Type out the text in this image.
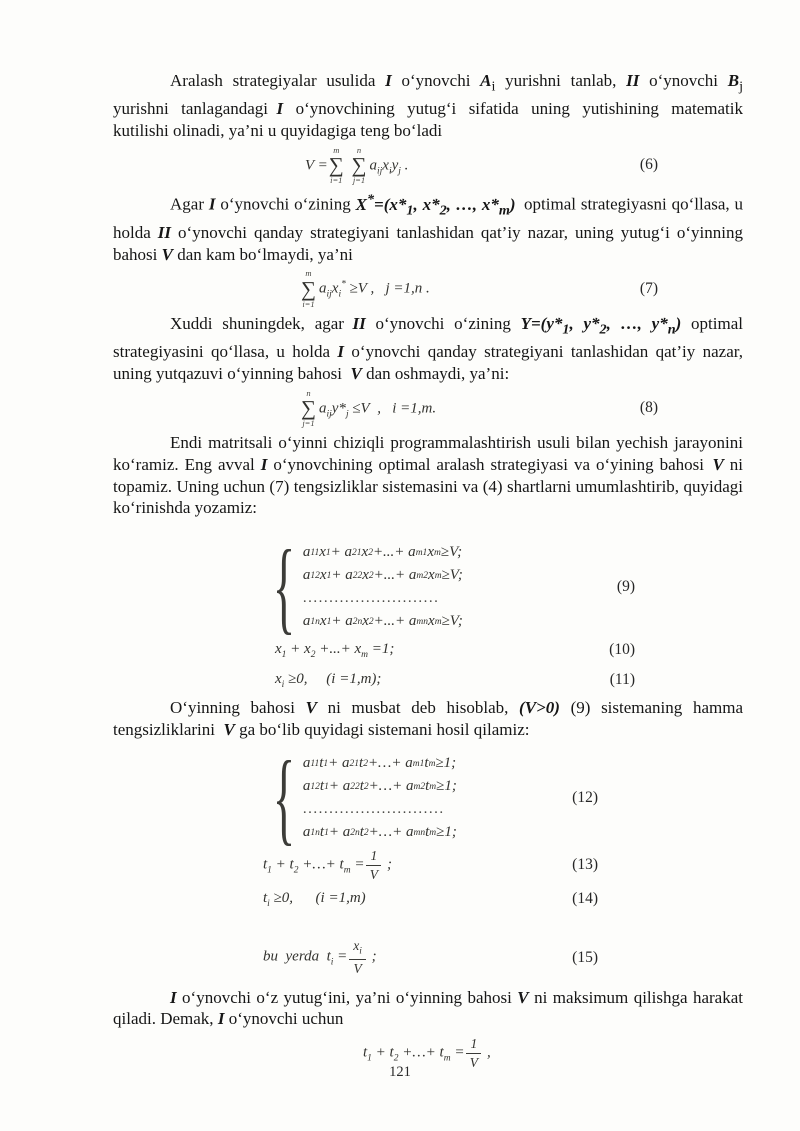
Aralash strategiyalar usulida I o‘ynovchi $A_i$ yurishni tanlab, II o‘ynovchi $B_j$ yurishni tanlagandagi I o‘ynovchining yutug‘i sifatida uning yutishining matematik kutilishi olinadi, ya’ni u quyidagiga teng bo‘ladi

V =
m
∑
i=1

n
∑
j=1
$a_{ij}x_iy_j$ .	(6)

Agar I o‘ynovchi o‘zining $X^*=(x*_1$, $x*_2$, …, $x*_m$) optimal strategiyasni qo‘llasa, u holda II o‘ynovchi qanday strategiyani tanlashidan qat’iy nazar, uning yutug‘i o‘yinning bahosi V dan kam bo‘lmaydi, ya’ni

m
∑
i=1
$a_{ij}x_i^* \ge V$ ,  j =1,n .	(7)

Xuddi shuningdek, agar II o‘ynovchi o‘zining $Y=(y*_1$, $y*_2$, …, $y*_n$) optimal strategiyasini qo‘llasa, u holda I o‘ynovchi qanday strategiyani tanlashidan qat’iy nazar, uning yutqazuvi o‘yinning bahosi V dan oshmaydi, ya’ni:

n
∑
j=1
$a_{ij}y*_j \le V$ ,  i =1,m.	(8)

Endi matritsali o‘yinni chiziqli programmalashtirish usuli bilan yechish jarayonini ko‘ramiz. Eng avval I o‘ynovchining optimal aralash strategiyasi va o‘yining bahosi V ni topamiz. Uning uchun (7) tengsizliklar sistemasini va (4) shartlarni umumlashtirib, quyidagi ko‘rinishda yozamiz:

{
a 11 x 1 + a 21 x 2 +...+ a m1 x m ≥V;
a 12 x 1 + a 22 x 2 +...+ a m2 x m ≥V;
..........................
a 1n x 1 + a 2n x 2 +...+ a mn x m ≥V;
(9)
$x_1 + x_2$ +...+ $x_m =1$;	(10)
$x_i \ge 0$,  (i =1,m);	(11)

O‘yinning bahosi V ni musbat deb hisoblab, (V>0) (9) sistemaning hamma tengsizliklarini V ga bo‘lib quyidagi sistemani hosil qilamiz:

{
a 11 t 1 + a 21 t 2 +…+ a m1 t m ≥1;
a 12 t 1 + a 22 t 2 +…+ a m2 t m ≥1;
...........................
a 1n t 1 + a 2n t 2 +…+ a mn t m ≥1;
(12)
$t_1 + t_2$ +…+ $t_m = \frac{1}{V}$ ;	(13)
$t_i \ge 0$,  (i =1,m)	(14)
bu yerda $t_i = \frac{x_i}{V}$ ;	(15)

I o‘ynovchi o‘z yutug‘ini, ya’ni o‘yinning bahosi V ni maksimum qilishga harakat qiladi. Demak, I o‘ynovchi uchun

$t_1 + t_2$ +…+ $t_m = \frac{1}{V}$ ,
121
